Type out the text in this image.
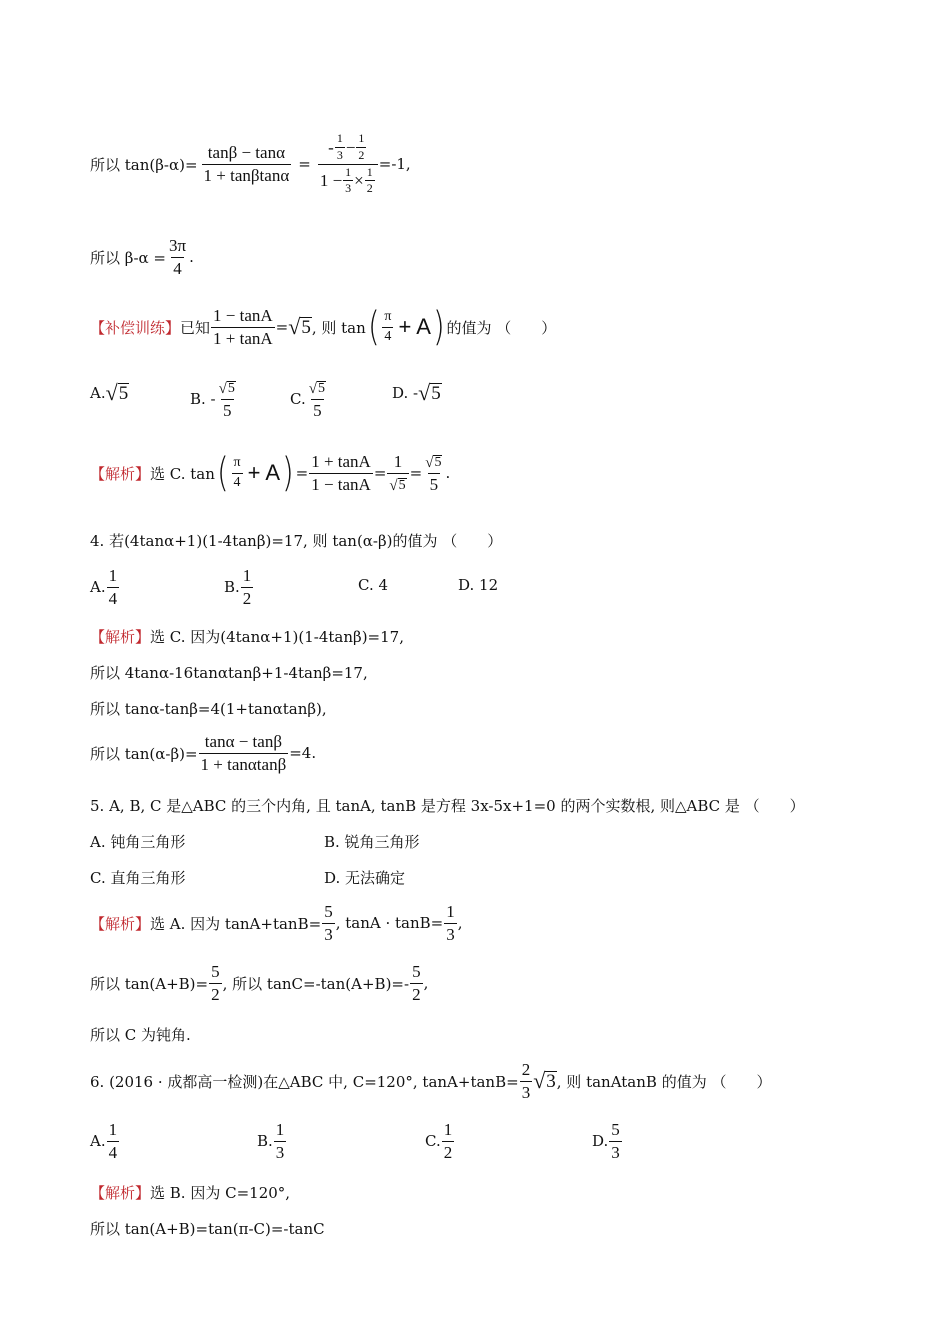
所以 $\tan(\beta-\alpha)= \frac{\tan\beta - \tan\alpha}{1 + \tan\beta\tan\alpha} = \frac{- \frac{1}{3} - \frac{1}{2}}{1 - \frac{1}{3} \times \frac{1}{2}} =-1$,
所以 $\beta-\alpha = \frac{3\pi}{4}$ .
【补偿训练】 已知 $\frac{1 - \tan A}{1 + \tan A}$ = √ 5 , 则 tan ( $\frac{\pi}{4} + A$ ) 的值为 （　　）
A. √ 5	B. - $\frac{√ 5}{5}$	C. $\frac{√ 5}{5}$	D. - √ 5
【解析】 选 C. tan ( $\frac{\pi}{4} + A$ ) = $\frac{1 + \tan A}{1 - \tan A} = \frac{1}{√ 5} = \frac{√ 5}{5}$ .
4. 若(4tanα+1)(1-4tanβ)=17, 则 tan(α-β)的值为 （　　）
A. $\frac{1}{4}$	B. $\frac{1}{2}$	C. 4	D. 12
【解析】 选 C. 因为(4tanα+1)(1-4tanβ)=17,
所以 4tanα-16tanαtanβ+1-4tanβ=17,
所以 tanα-tanβ=4(1+tanαtanβ),
所以 $\tan(\alpha-\beta)= \frac{\tan\alpha - \tan\beta}{1 + \tan\alpha\tan\beta} =4$.
5. A, B, C 是△ABC 的三个内角, 且 tanA, tanB 是方程 3x-5x+1=0 的两个实数根, 则△ABC 是 （　　）
A. 钝角三角形	B. 锐角三角形
C. 直角三角形	D. 无法确定
【解析】 选 A. 因为 $\tan A+\tan B= \frac{5}{3}$ , $\tan A \cdot \tan B= \frac{1}{3}$ ,
所以 $\tan(A+B)= \frac{5}{2}$ , 所以 $\tan C=-\tan(A+B)=- \frac{5}{2}$ ,
所以 C 为钝角.
6. (2016 · 成都高一检测)在△ABC 中, C=120°, $\tan A+\tan B= \frac{2}{3}$ √ 3 , 则 tanAtanB 的值为 （　　）
A. $\frac{1}{4}$	B. $\frac{1}{3}$	C. $\frac{1}{2}$	D. $\frac{5}{3}$
【解析】 选 B. 因为 C=120°,
所以 tan(A+B)=tan(π-C)=-tanC
